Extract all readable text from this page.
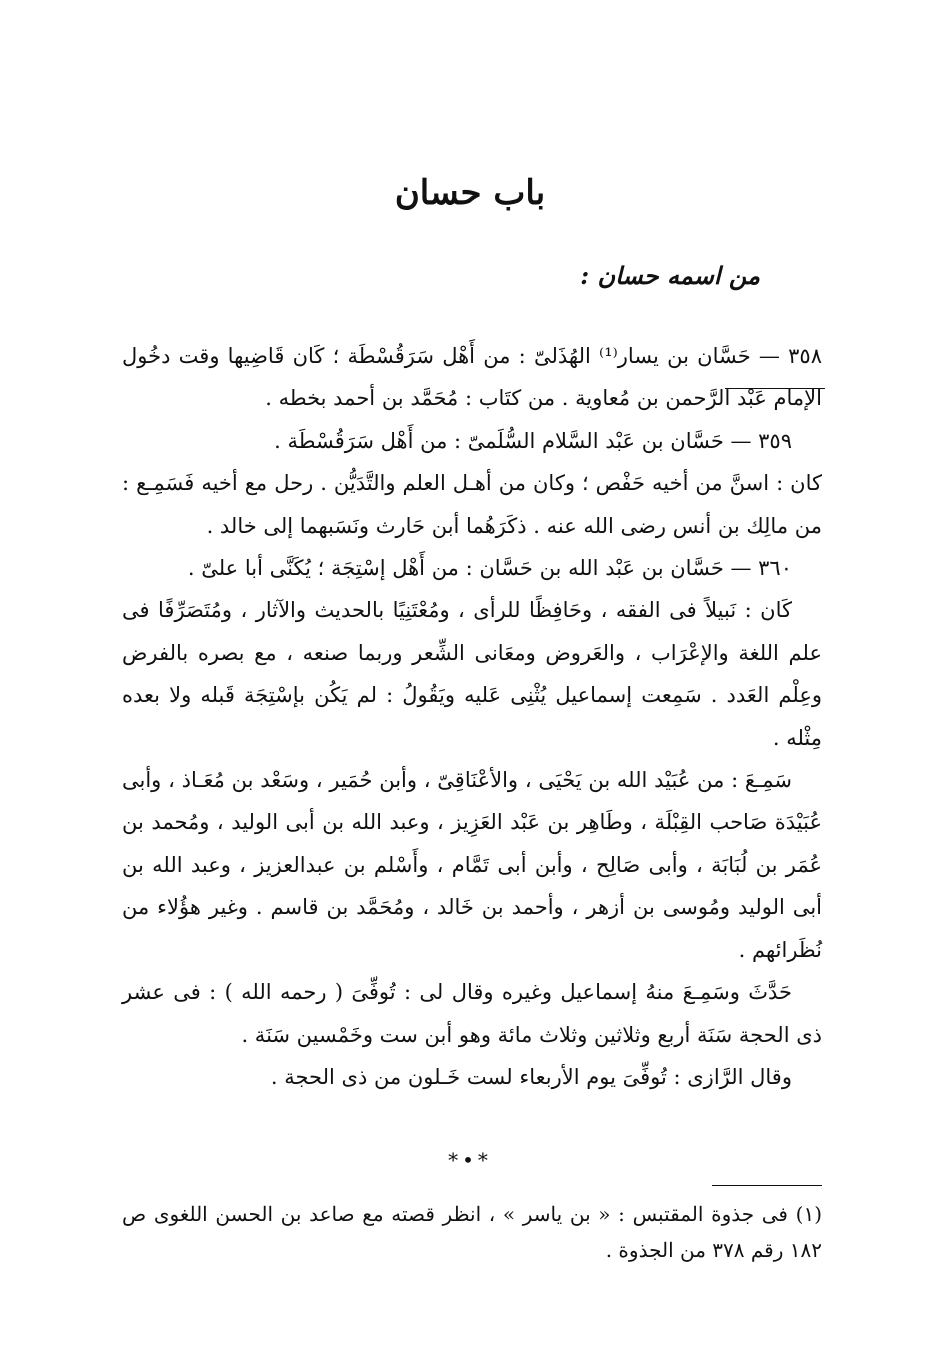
باب حسان
من اسمه حسان :

٣٥٨ — حَسَّان بن يسار⁽¹⁾ الهُذَلىّ : من أَهْل سَرَقُسْطَة ؛ كَان قَاضِيها وقت دخُول الإمام عَبْد الرَّحمن بن مُعاوية . من كتَاب : مُحَمَّد بن أحمد بخطه .

٣٥٩ — حَسَّان بن عَبْد السَّلام السُّلَمىّ : من أَهْل سَرَقُسْطَة .

كان : اسنَّ من أخيه حَفْص ؛ وكان من أهـل العلم والتَّدَيُّن . رحل مع أخيه فَسَمِـع : من مالِك بن أنس رضى الله عنه . ذكَرَهُما أبن حَارث ونَسَبهما إلى خالد .

٣٦٠ — حَسَّان بن عَبْد الله بن حَسَّان : من أَهْل إسْتِجَة ؛ يُكَنَّى أبا علىّ .

كَان : نَبيلاً فى الفقه ، وحَافِظًا للرأى ، ومُعْتَنِيًا بالحديث والآثار ، ومُتَصَرِّفًا فى علم اللغة والإعْرَاب ، والعَروض ومعَانى الشِّعر وربما صنعه ، مع بصره بالفرض وعِلْم العَدد . سَمِعت إسماعيل يُثْنِى عَليه ويَقُولُ : لم يَكُن بإسْتِجَة قَبله ولا بعده مِثْله .

سَمِـعَ : من عُبَيْد الله بن يَحْيَى ، والأعْنَاقِىّ ، وأبن حُمَير ، وسَعْد بن مُعَـاذ ، وأبى عُبَيْدَة صَاحب القِبْلَة ، وطَاهِر بن عَبْد العَزِيز ، وعبد الله بن أبى الوليد ، ومُحمد بن عُمَر بن لُبَابَة ، وأبى صَالِح ، وأبن أبى تَمَّام ، وأَسْلم بن عبدالعزيز ، وعبد الله بن أبى الوليد ومُوسى بن أزهر ، وأحمد بن خَالد ، ومُحَمَّد بن قاسم . وغير هؤُلاء من نُظَرائهم .

حَدَّثَ وسَمِـعَ منهُ إسماعيل وغيره وقال لى : تُوفِّىَ ( رحمه الله ) : فى عشر ذى الحجة سَنَة أربع وثلاثين وثلاث مائة وهو أبن ست وخَمْسين سَنَة .

وقال الرَّازى : تُوفِّىَ يوم الأربعاء لست خَـلون من ذى الحجة .

*•*
(١) فى جذوة المقتبس : « بن ياسر » ، انظر قصته مع صاعد بن الحسن اللغوى ص ١٨٢ رقم ٣٧٨ من الجذوة .
